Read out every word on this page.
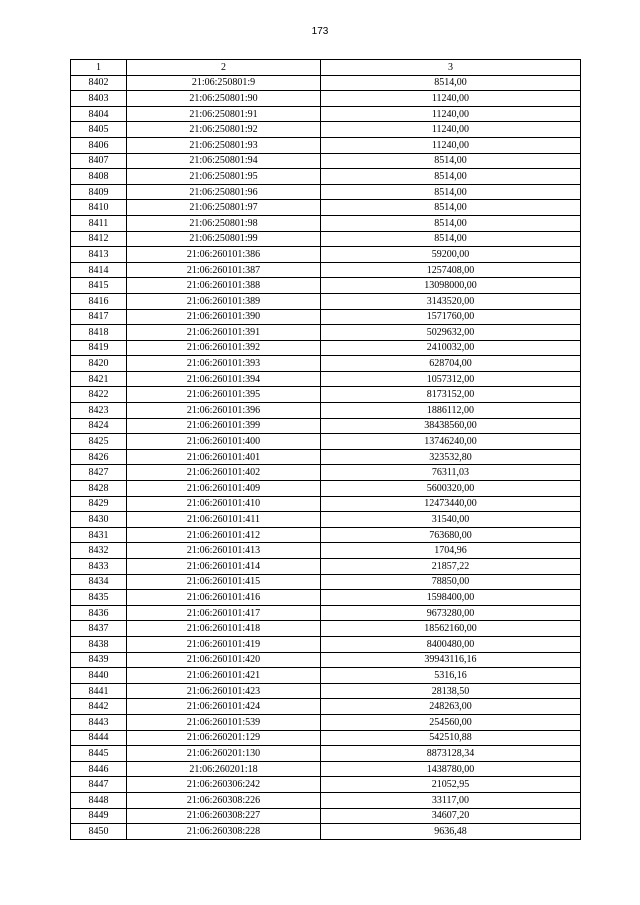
173
1	2	3
8402	21:06:250801:9	8514,00
8403	21:06:250801:90	11240,00
8404	21:06:250801:91	11240,00
8405	21:06:250801:92	11240,00
8406	21:06:250801:93	11240,00
8407	21:06:250801:94	8514,00
8408	21:06:250801:95	8514,00
8409	21:06:250801:96	8514,00
8410	21:06:250801:97	8514,00
8411	21:06:250801:98	8514,00
8412	21:06:250801:99	8514,00
8413	21:06:260101:386	59200,00
8414	21:06:260101:387	1257408,00
8415	21:06:260101:388	13098000,00
8416	21:06:260101:389	3143520,00
8417	21:06:260101:390	1571760,00
8418	21:06:260101:391	5029632,00
8419	21:06:260101:392	2410032,00
8420	21:06:260101:393	628704,00
8421	21:06:260101:394	1057312,00
8422	21:06:260101:395	8173152,00
8423	21:06:260101:396	1886112,00
8424	21:06:260101:399	38438560,00
8425	21:06:260101:400	13746240,00
8426	21:06:260101:401	323532,80
8427	21:06:260101:402	76311,03
8428	21:06:260101:409	5600320,00
8429	21:06:260101:410	12473440,00
8430	21:06:260101:411	31540,00
8431	21:06:260101:412	763680,00
8432	21:06:260101:413	1704,96
8433	21:06:260101:414	21857,22
8434	21:06:260101:415	78850,00
8435	21:06:260101:416	1598400,00
8436	21:06:260101:417	9673280,00
8437	21:06:260101:418	18562160,00
8438	21:06:260101:419	8400480,00
8439	21:06:260101:420	39943116,16
8440	21:06:260101:421	5316,16
8441	21:06:260101:423	28138,50
8442	21:06:260101:424	248263,00
8443	21:06:260101:539	254560,00
8444	21:06:260201:129	542510,88
8445	21:06:260201:130	8873128,34
8446	21:06:260201:18	1438780,00
8447	21:06:260306:242	21052,95
8448	21:06:260308:226	33117,00
8449	21:06:260308:227	34607,20
8450	21:06:260308:228	9636,48
